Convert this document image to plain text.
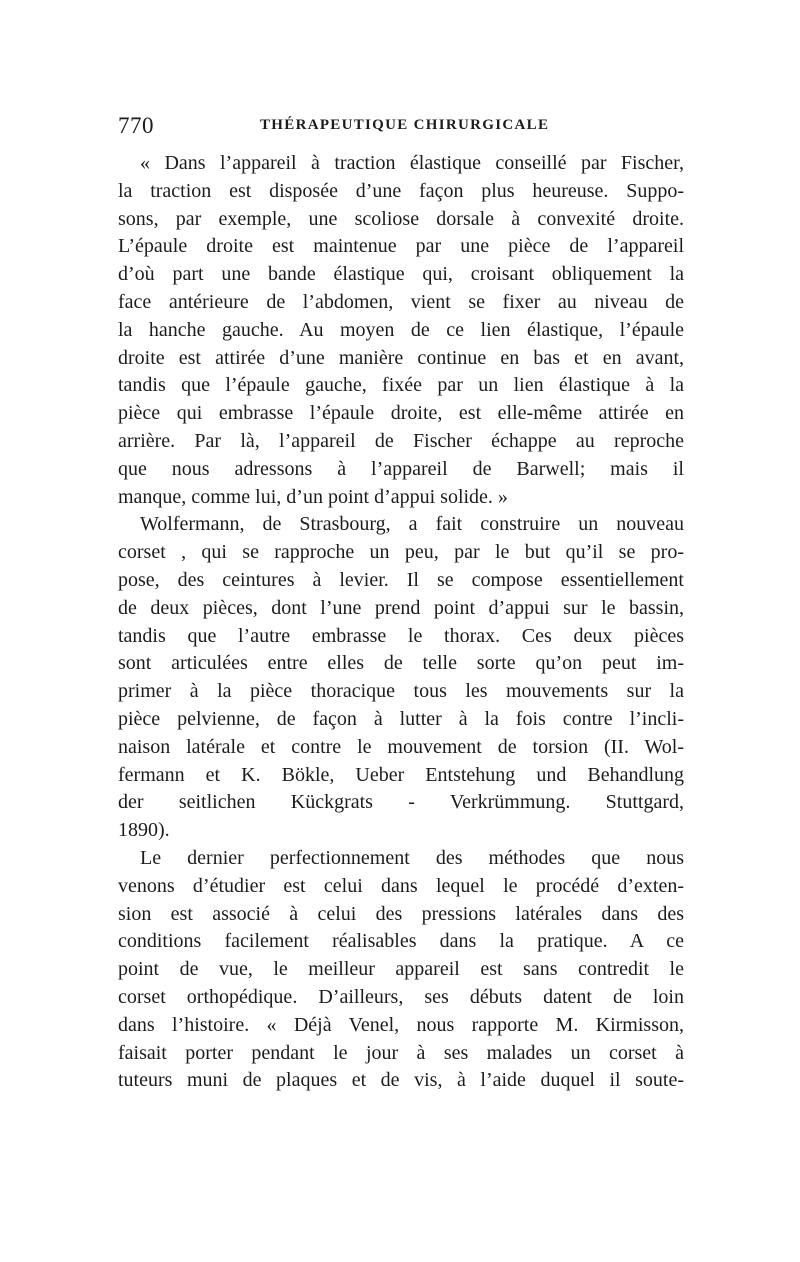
770	THÉRAPEUTIQUE CHIRURGICALE
« Dans l’appareil à traction élastique conseillé par Fischer,
la traction est disposée d’une façon plus heureuse. Suppo-
sons, par exemple, une scoliose dorsale à convexité droite.
L’épaule droite est maintenue par une pièce de l’appareil
d’où part une bande élastique qui, croisant obliquement la
face antérieure de l’abdomen, vient se fixer au niveau de
la hanche gauche. Au moyen de ce lien élastique, l’épaule
droite est attirée d’une manière continue en bas et en avant,
tandis que l’épaule gauche, fixée par un lien élastique à la
pièce qui embrasse l’épaule droite, est elle-même attirée en
arrière. Par là, l’appareil de Fischer échappe au reproche
que nous adressons à l’appareil de Barwell; mais il
manque, comme lui, d’un point d’appui solide. »
Wolfermann, de Strasbourg, a fait construire un nouveau
corset , qui se rapproche un peu, par le but qu’il se pro-
pose, des ceintures à levier. Il se compose essentiellement
de deux pièces, dont l’une prend point d’appui sur le bassin,
tandis que l’autre embrasse le thorax. Ces deux pièces
sont articulées entre elles de telle sorte qu’on peut im-
primer à la pièce thoracique tous les mouvements sur la
pièce pelvienne, de façon à lutter à la fois contre l’incli-
naison latérale et contre le mouvement de torsion (II. Wol-
fermann et K. Bökle, Ueber Entstehung und Behandlung
der seitlichen Kückgrats - Verkrümmung. Stuttgard,
1890).
Le dernier perfectionnement des méthodes que nous
venons d’étudier est celui dans lequel le procédé d’exten-
sion est associé à celui des pressions latérales dans des
conditions facilement réalisables dans la pratique. A ce
point de vue, le meilleur appareil est sans contredit le
corset orthopédique. D’ailleurs, ses débuts datent de loin
dans l’histoire. « Déjà Venel, nous rapporte M. Kirmisson,
faisait porter pendant le jour à ses malades un corset à
tuteurs muni de plaques et de vis, à l’aide duquel il soute-
